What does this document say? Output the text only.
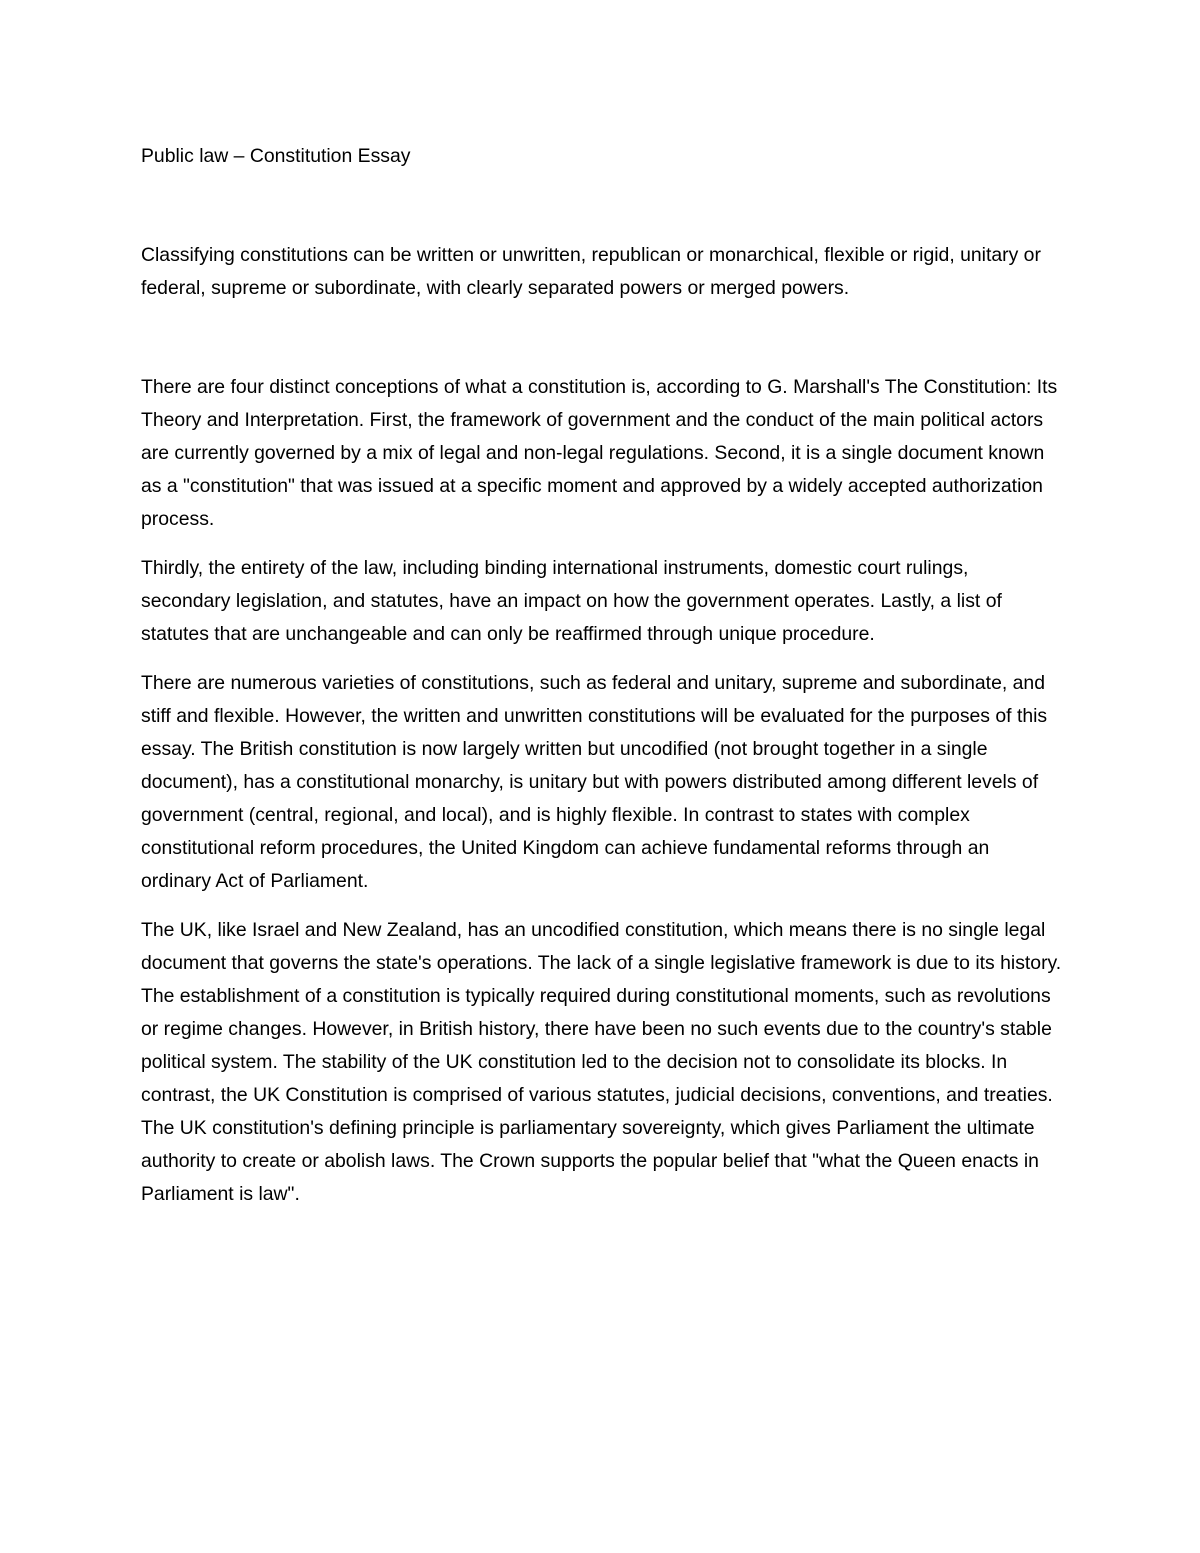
Public law – Constitution Essay

Classifying constitutions can be written or unwritten, republican or monarchical, flexible or rigid, unitary or federal, supreme or subordinate, with clearly separated powers or merged powers.

There are four distinct conceptions of what a constitution is, according to G. Marshall's The Constitution: Its Theory and Interpretation. First, the framework of government and the conduct of the main political actors are currently governed by a mix of legal and non-legal regulations. Second, it is a single document known as a "constitution" that was issued at a specific moment and approved by a widely accepted authorization process.

Thirdly, the entirety of the law, including binding international instruments, domestic court rulings, secondary legislation, and statutes, have an impact on how the government operates. Lastly, a list of statutes that are unchangeable and can only be reaffirmed through unique procedure.

There are numerous varieties of constitutions, such as federal and unitary, supreme and subordinate, and stiff and flexible. However, the written and unwritten constitutions will be evaluated for the purposes of this essay. The British constitution is now largely written but uncodified (not brought together in a single document), has a constitutional monarchy, is unitary but with powers distributed among different levels of government (central, regional, and local), and is highly flexible. In contrast to states with complex constitutional reform procedures, the United Kingdom can achieve fundamental reforms through an ordinary Act of Parliament.

The UK, like Israel and New Zealand, has an uncodified constitution, which means there is no single legal document that governs the state's operations. The lack of a single legislative framework is due to its history. The establishment of a constitution is typically required during constitutional moments, such as revolutions or regime changes. However, in British history, there have been no such events due to the country's stable political system. The stability of the UK constitution led to the decision not to consolidate its blocks. In contrast, the UK Constitution is comprised of various statutes, judicial decisions, conventions, and treaties. The UK constitution's defining principle is parliamentary sovereignty, which gives Parliament the ultimate authority to create or abolish laws. The Crown supports the popular belief that "what the Queen enacts in Parliament is law".
